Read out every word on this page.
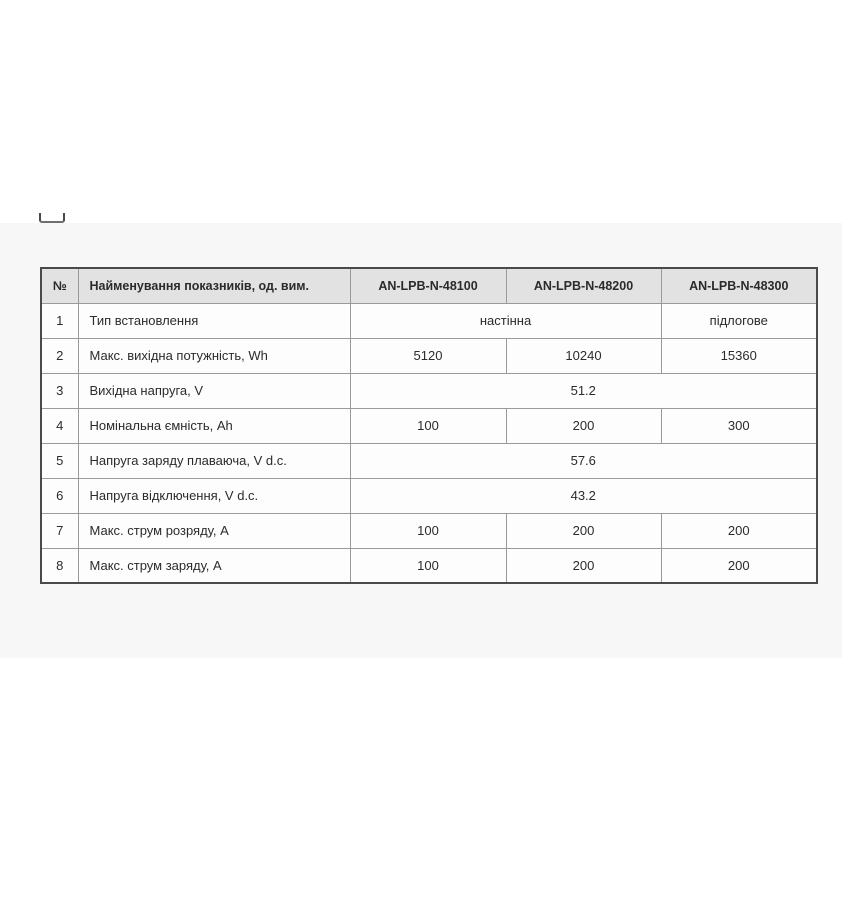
№	Найменування показників, од. вим.	AN-LPB-N-48100	AN-LPB-N-48200	AN-LPB-N-48300
1	Тип встановлення	настінна		підлогове
2	Макс. вихідна потужність, Wh	5120	10240	15360
3	Вихідна напруга, V	51.2		
4	Номінальна ємність, Ah	100	200	300
5	Напруга заряду плаваюча, V d.c.	57.6		
6	Напруга відключення, V d.c.	43.2		
7	Макс. струм розряду, А	100	200	200
8	Макс. струм заряду, А	100	200	200
